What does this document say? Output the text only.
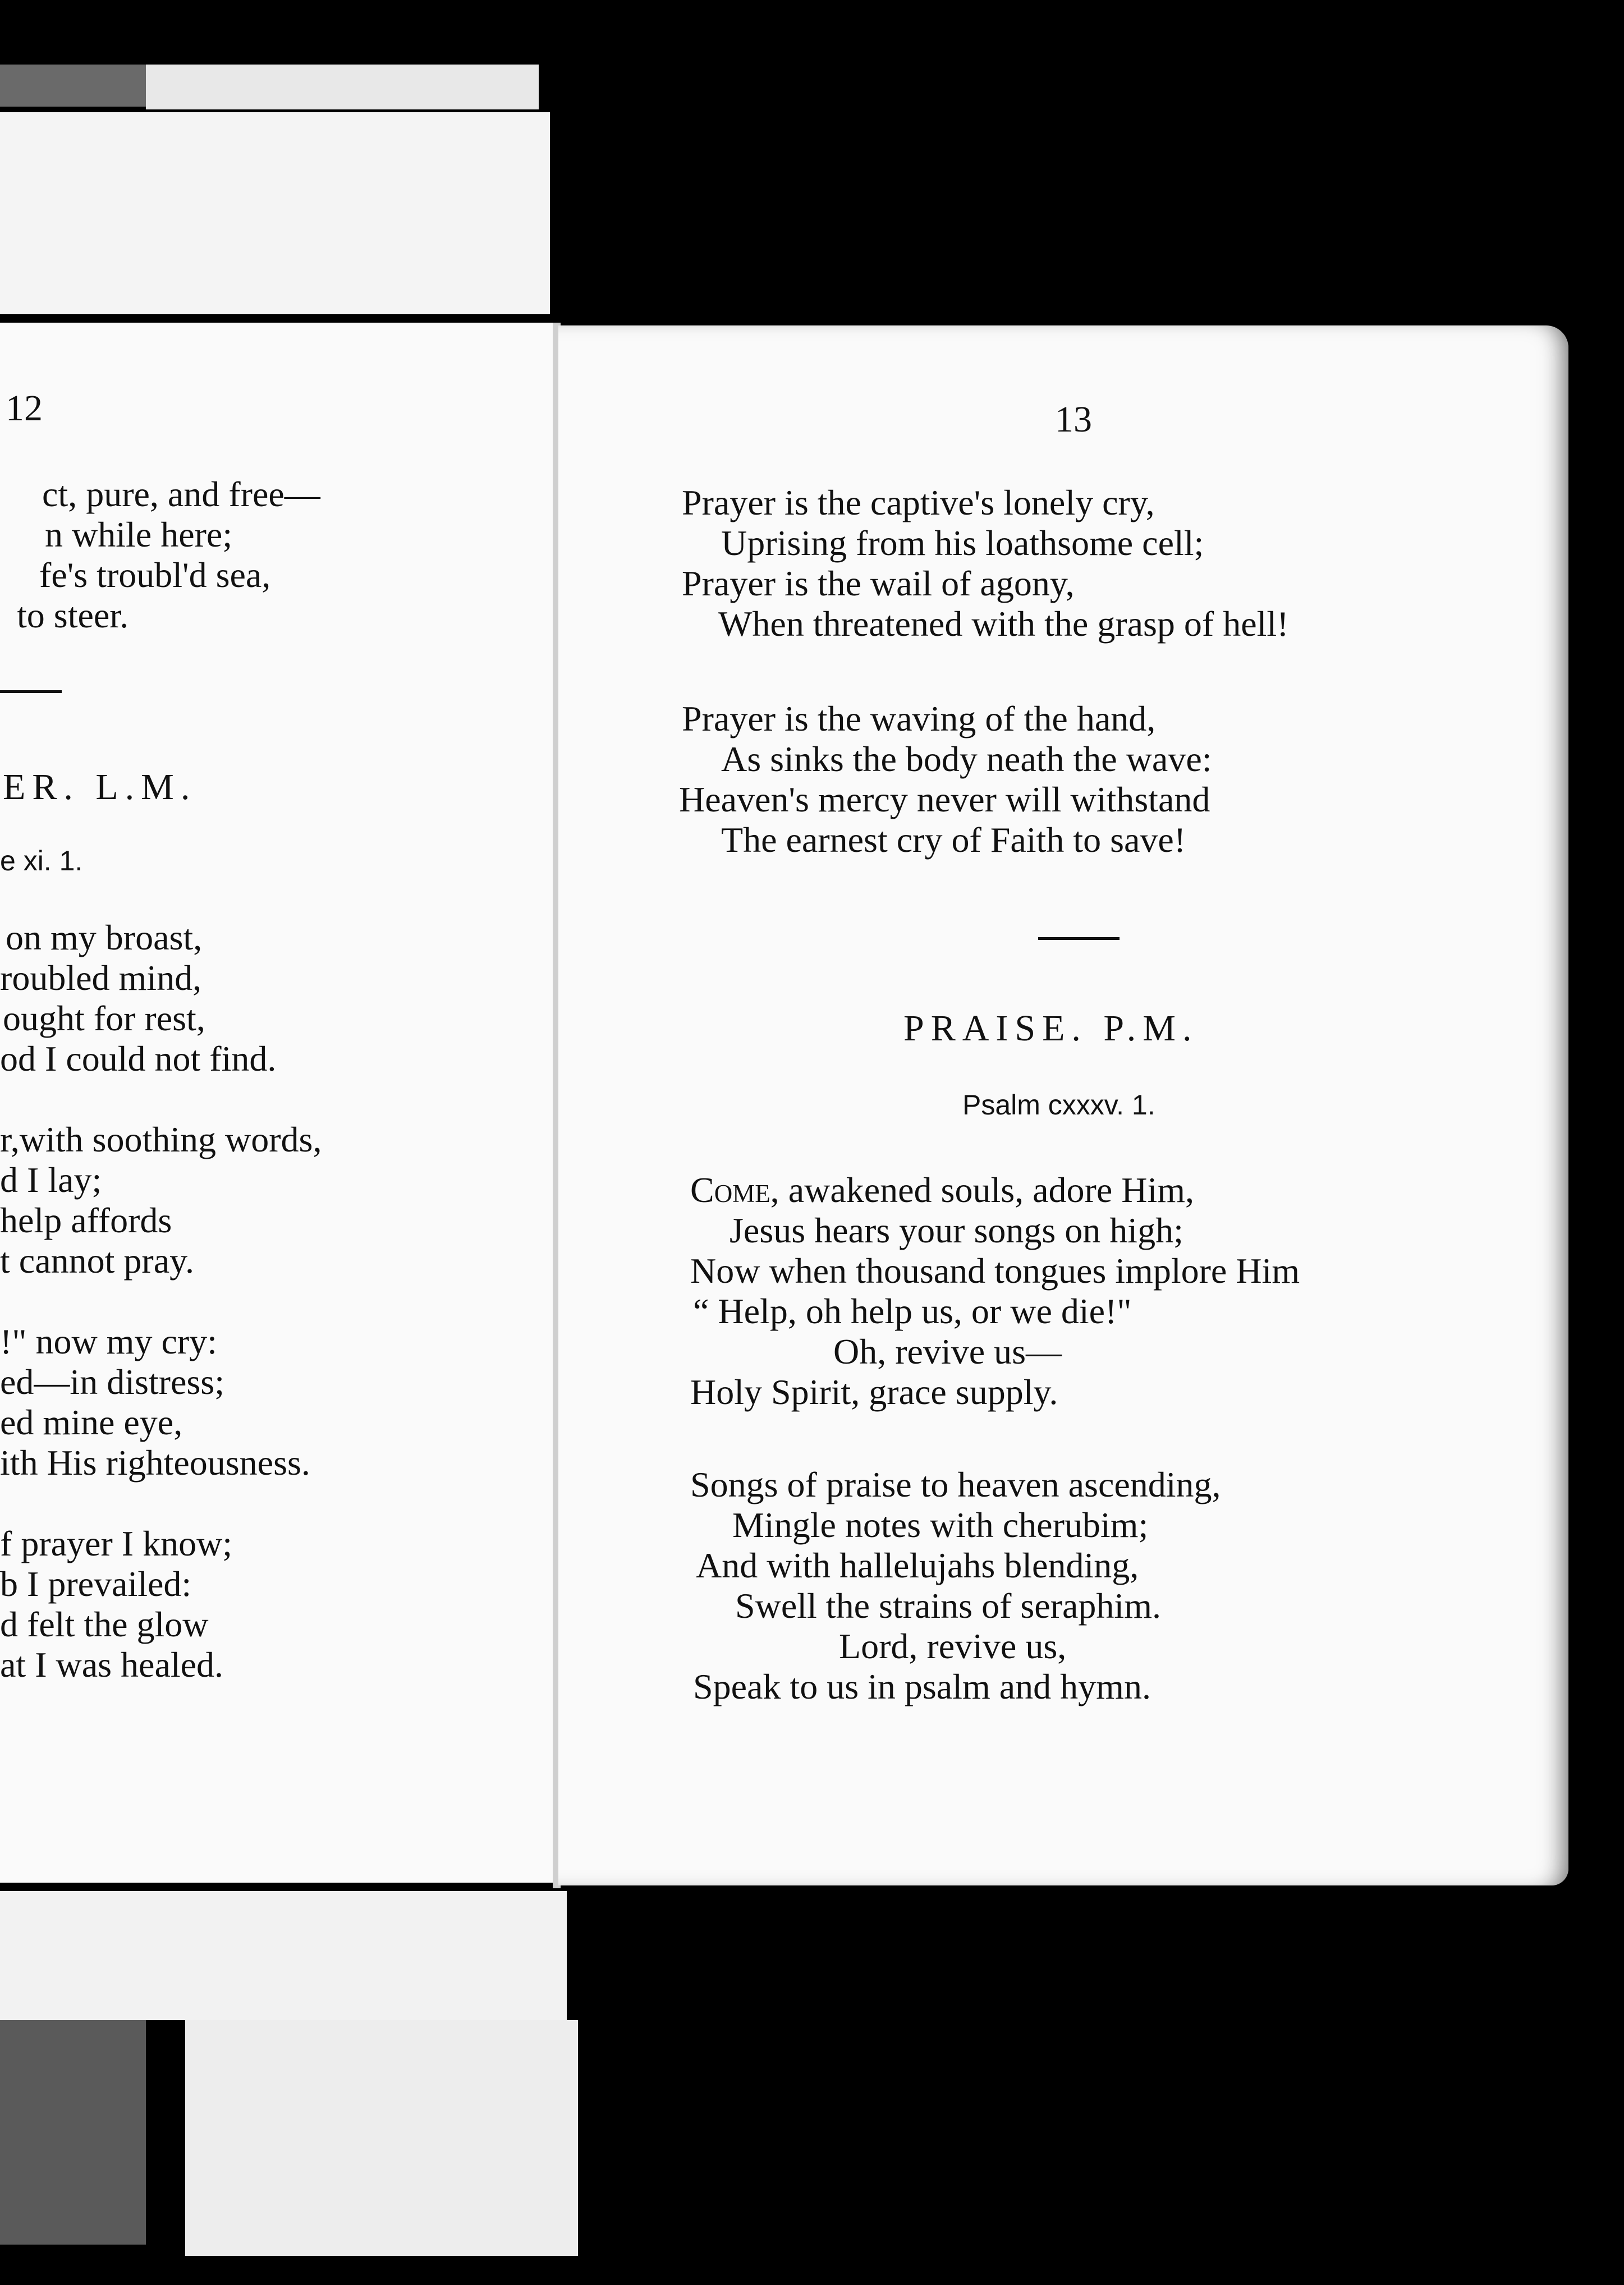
12
ct, pure, and free—
n while here;
fe's troubl'd sea,
to steer.
ER. L.M.
e xi. 1.
on my broast,
roubled mind,
ought for rest,
od I could not find.
r,with soothing words,
d I lay;
help affords
t cannot pray.
!" now my cry:
ed—in distress;
ed mine eye,
ith His righteousness.
f prayer I know;
b I prevailed:
d felt the glow
at I was healed.
13
Prayer is the captive's lonely cry,
Uprising from his loathsome cell;
Prayer is the wail of agony,
When threatened with the grasp of hell!
Prayer is the waving of the hand,
As sinks the body neath the wave:
Heaven's mercy never will withstand
The earnest cry of Faith to save!
PRAISE. P.M.
Psalm cxxxv. 1.
Come, awakened souls, adore Him,
Jesus hears your songs on high;
Now when thousand tongues implore Him
“ Help, oh help us, or we die!"
Oh, revive us—
Holy Spirit, grace supply.
Songs of praise to heaven ascending,
Mingle notes with cherubim;
And with hallelujahs blending,
Swell the strains of seraphim.
Lord, revive us,
Speak to us in psalm and hymn.
